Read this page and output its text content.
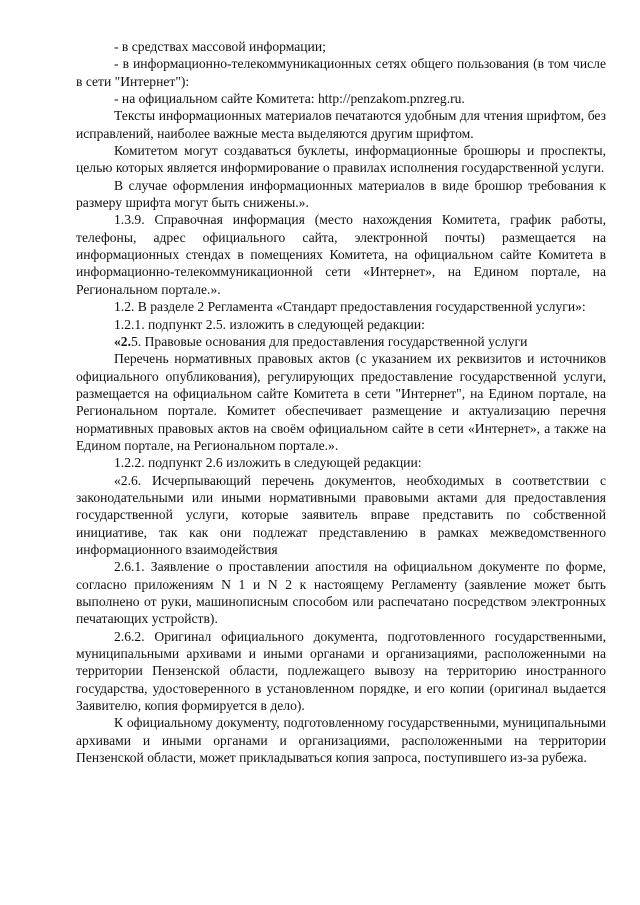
- в средствах массовой информации;

- в информационно-телекоммуникационных сетях общего пользования (в том числе в сети "Интернет"):

- на официальном сайте Комитета: http://penzakom.pnzreg.ru.

Тексты информационных материалов печатаются удобным для чтения шрифтом, без исправлений, наиболее важные места выделяются другим шрифтом.

Комитетом могут создаваться буклеты, информационные брошюры и проспекты, целью которых является информирование о правилах исполнения государственной услуги.

В случае оформления информационных материалов в виде брошюр требования к размеру шрифта могут быть снижены.».

1.3.9. Справочная информация (место нахождения Комитета, график работы, телефоны, адрес официального сайта, электронной почты) размещается на информационных стендах в помещениях Комитета, на официальном сайте Комитета в информационно-телекоммуникационной сети «Интернет», на Едином портале, на Региональном портале.».

1.2. В разделе 2 Регламента «Стандарт предоставления государственной услуги»:

1.2.1. подпункт 2.5. изложить в следующей редакции:

«2.5. Правовые основания для предоставления государственной услуги

Перечень нормативных правовых актов (с указанием их реквизитов и источников официального опубликования), регулирующих предоставление государственной услуги, размещается на официальном сайте Комитета в сети "Интернет", на Едином портале, на Региональном портале. Комитет обеспечивает размещение и актуализацию перечня нормативных правовых актов на своём официальном сайте в сети «Интернет», а также на Едином портале, на Региональном портале.».

1.2.2. подпункт 2.6 изложить в следующей редакции:

«2.6. Исчерпывающий перечень документов, необходимых в соответствии с законодательными или иными нормативными правовыми актами для предоставления государственной услуги, которые заявитель вправе представить по собственной инициативе, так как они подлежат представлению в рамках межведомственного информационного взаимодействия

2.6.1. Заявление о проставлении апостиля на официальном документе по форме, согласно приложениям N 1 и N 2 к настоящему Регламенту (заявление может быть выполнено от руки, машинописным способом или распечатано посредством электронных печатающих устройств).

2.6.2. Оригинал официального документа, подготовленного государственными, муниципальными архивами и иными органами и организациями, расположенными на территории Пензенской области, подлежащего вывозу на территорию иностранного государства, удостоверенного в установленном порядке, и его копии (оригинал выдается Заявителю, копия формируется в дело).

К официальному документу, подготовленному государственными, муниципальными архивами и иными органами и организациями, расположенными на территории Пензенской области, может прикладываться копия запроса, поступившего из-за рубежа.
